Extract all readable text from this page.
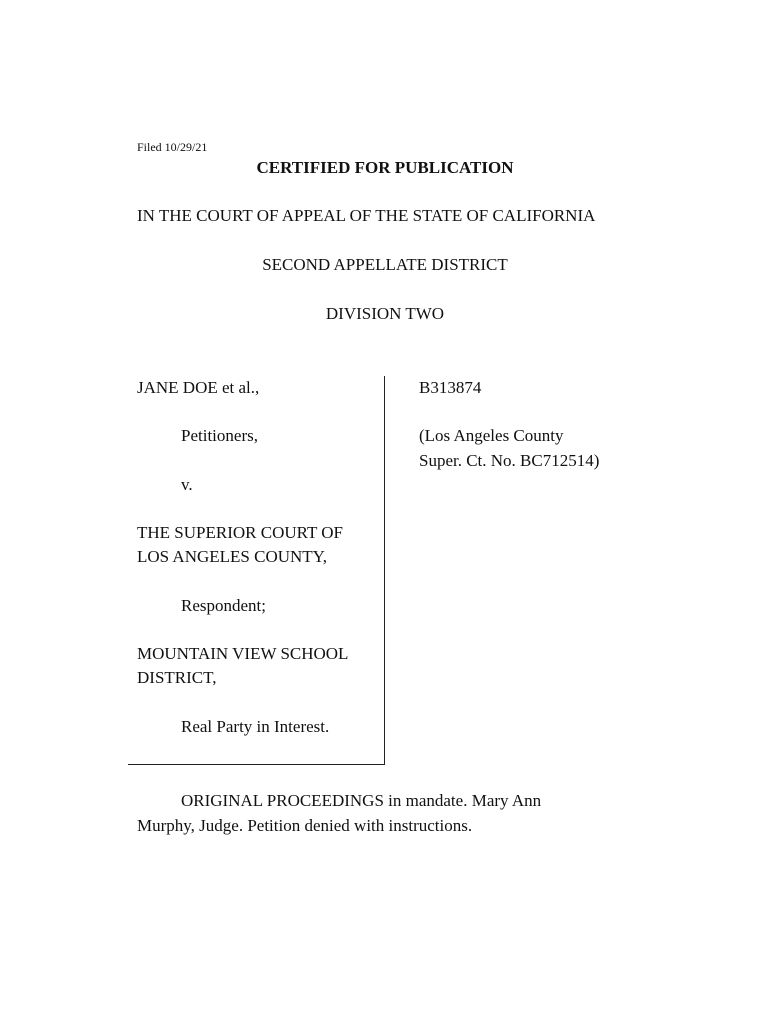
Filed 10/29/21
CERTIFIED FOR PUBLICATION
IN THE COURT OF APPEAL OF THE STATE OF CALIFORNIA
SECOND APPELLATE DISTRICT
DIVISION TWO
JANE DOE et al.,
Petitioners,
v.
THE SUPERIOR COURT OF
LOS ANGELES COUNTY,
Respondent;
MOUNTAIN VIEW SCHOOL
DISTRICT,
Real Party in Interest.
B313874
(Los Angeles County
Super. Ct. No. BC712514)
ORIGINAL PROCEEDINGS in mandate. Mary Ann
Murphy, Judge. Petition denied with instructions.
